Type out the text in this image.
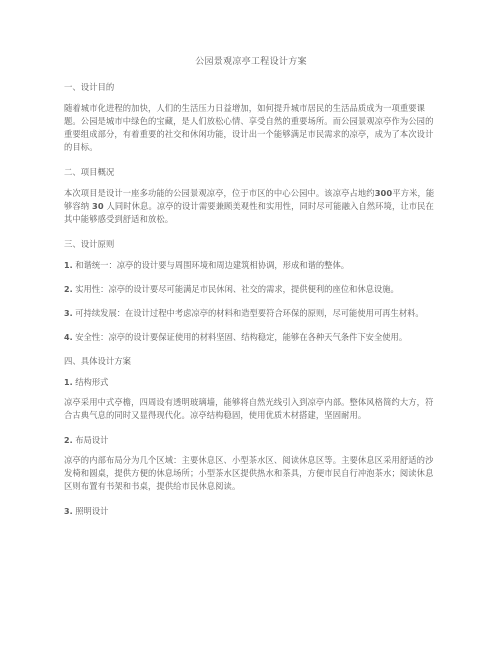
公园景观凉亭工程设计方案
一、设计目的
随着城市化进程的加快，人们的生活压力日益增加，如何提升城市居民的生活品质成为一项重要课题。公园是城市中绿色的宝藏，是人们放松心情、享受自然的重要场所。而公园景观凉亭作为公园的重要组成部分，有着重要的社交和休闲功能，设计出一个能够满足市民需求的凉亭，成为了本次设计的目标。
二、项目概况
本次项目是设计一座多功能的公园景观凉亭，位于市区的中心公园中。该凉亭占地约300平方米，能够容纳 30 人同时休息。凉亭的设计需要兼顾美观性和实用性，同时尽可能融入自然环境，让市民在其中能够感受到舒适和放松。
三、设计原则
1. 和谐统一：凉亭的设计要与周围环境和周边建筑相协调，形成和谐的整体。
2. 实用性：凉亭的设计要尽可能满足市民休闲、社交的需求，提供便利的座位和休息设施。
3. 可持续发展：在设计过程中考虑凉亭的材料和造型要符合环保的原则，尽可能使用可再生材料。
4. 安全性：凉亭的设计要保证使用的材料坚固、结构稳定，能够在各种天气条件下安全使用。
四、具体设计方案
1. 结构形式
凉亭采用中式亭檐，四周设有透明玻璃墙，能够将自然光线引入到凉亭内部。整体风格简约大方，符合古典气息的同时又显得现代化。凉亭结构稳固，使用优质木材搭建，坚固耐用。
2. 布局设计
凉亭的内部布局分为几个区域：主要休息区、小型茶水区、阅读休息区等。主要休息区采用舒适的沙发椅和圆桌，提供方便的休息场所；小型茶水区提供热水和茶具，方便市民自行冲泡茶水；阅读休息区则布置有书架和书桌，提供给市民休息阅读。
3. 照明设计
